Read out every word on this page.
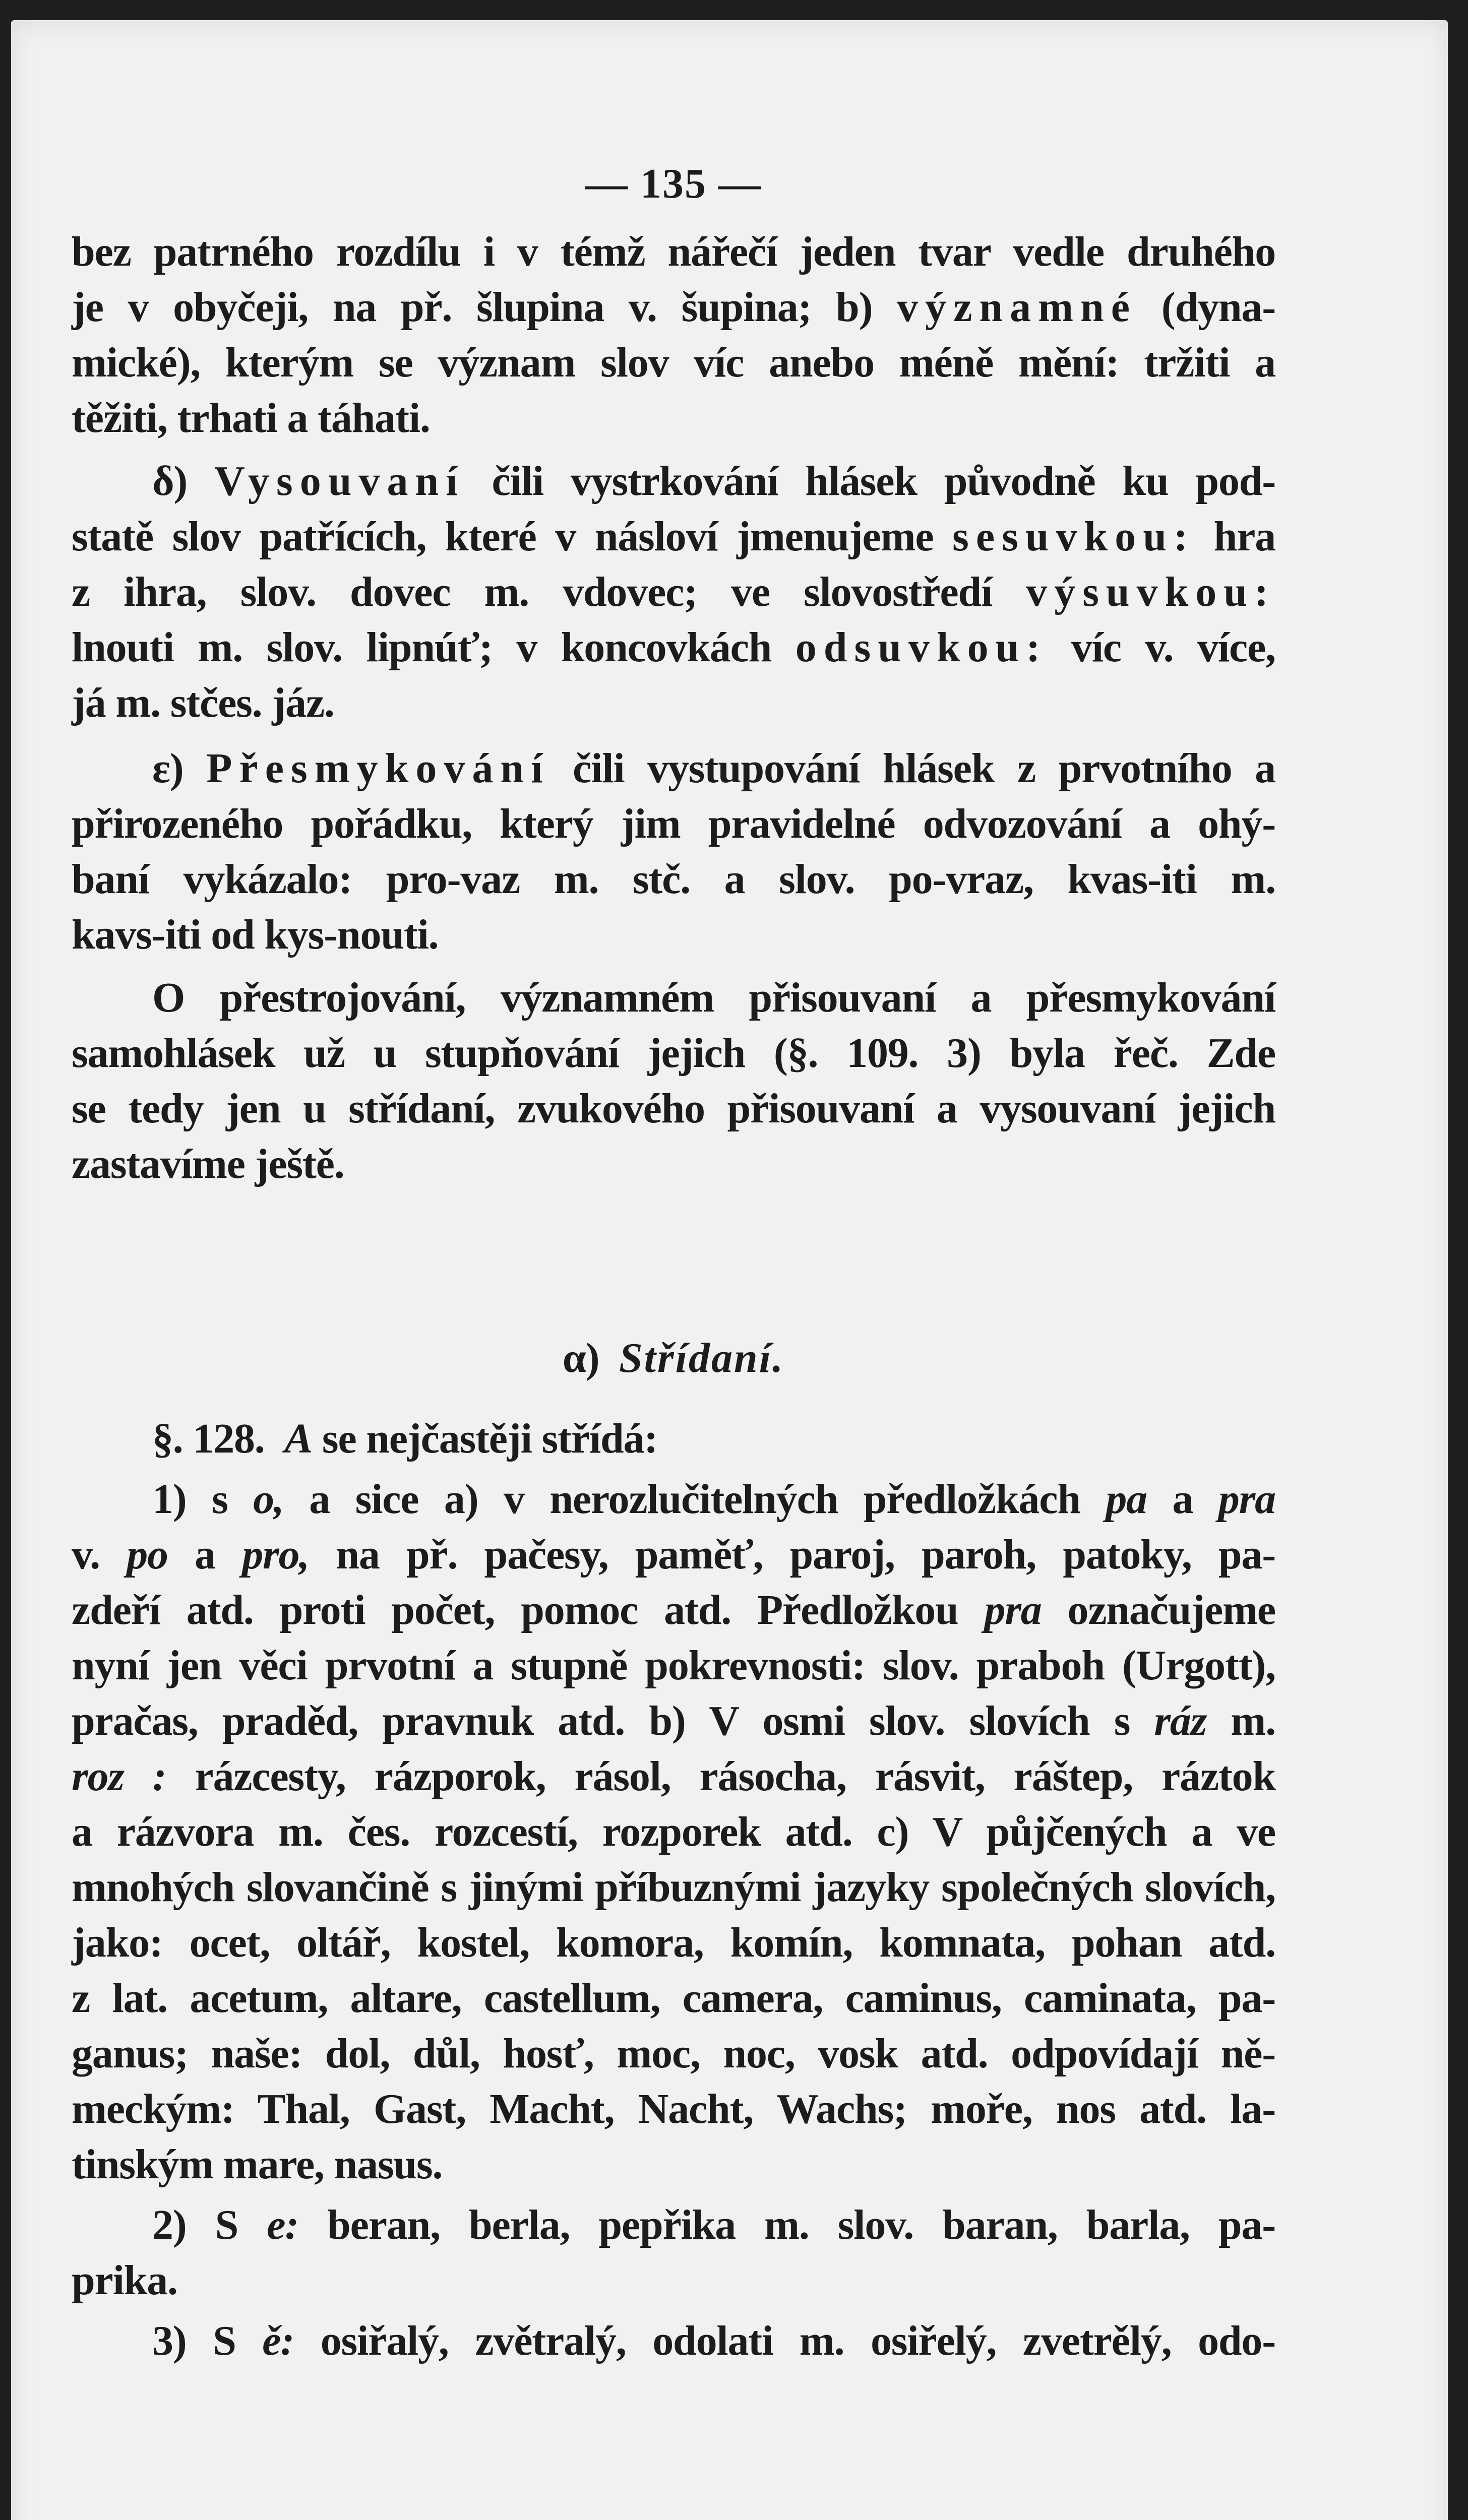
— 135 —
bez patrného rozdílu i v témž nářečí jeden tvar vedle druhého
je v obyčeji, na př. šlupina v. šupina; b) významné (dyna-
mické), kterým se význam slov víc anebo méně mění: tržiti a
těžiti, trhati a táhati.
δ) Vysouvaní čili vystrkování hlásek původně ku pod-
statě slov patřících, které v násloví jmenujeme sesuvkou: hra
z ihra, slov. dovec m. vdovec; ve slovostředí výsuvkou:
lnouti m. slov. lipnúť; v koncovkách odsuvkou: víc v. více,
já m. stčes. jáz.
ε) Přesmykování čili vystupování hlásek z prvotního a
přirozeného pořádku, který jim pravidelné odvozování a ohý-
baní vykázalo: pro-vaz m. stč. a slov. po-vraz, kvas-iti m.
kavs-iti od kys-nouti.
O přestrojování, významném přisouvaní a přesmykování
samohlásek už u stupňování jejich (§. 109. 3) byla řeč. Zde
se tedy jen u střídaní, zvukového přisouvaní a vysouvaní jejich
zastavíme ještě.
α) Střídaní.
§. 128. A se nejčastěji střídá:
1) s o, a sice a) v nerozlučitelných předložkách pa a pra
v. po a pro, na př. pačesy, paměť, paroj, paroh, patoky, pa-
zdeří atd. proti počet, pomoc atd. Předložkou pra označujeme
nyní jen věci prvotní a stupně pokrevnosti: slov. praboh (Urgott),
pračas, praděd, pravnuk atd. b) V osmi slov. slovích s ráz m.
roz : rázcesty, rázporok, rásol, rásocha, rásvit, ráštep, ráztok
a rázvora m. čes. rozcestí, rozporek atd. c) V půjčených a ve
mnohých slovančině s jinými příbuznými jazyky společných slovích,
jako: ocet, oltář, kostel, komora, komín, komnata, pohan atd.
z lat. acetum, altare, castellum, camera, caminus, caminata, pa-
ganus; naše: dol, důl, hosť, moc, noc, vosk atd. odpovídají ně-
meckým: Thal, Gast, Macht, Nacht, Wachs; moře, nos atd. la-
tinským mare, nasus.
2) S e: beran, berla, pepřika m. slov. baran, barla, pa-
prika.
3) S ě: osiřalý, zvětralý, odolati m. osiřelý, zvetrělý, odo-
